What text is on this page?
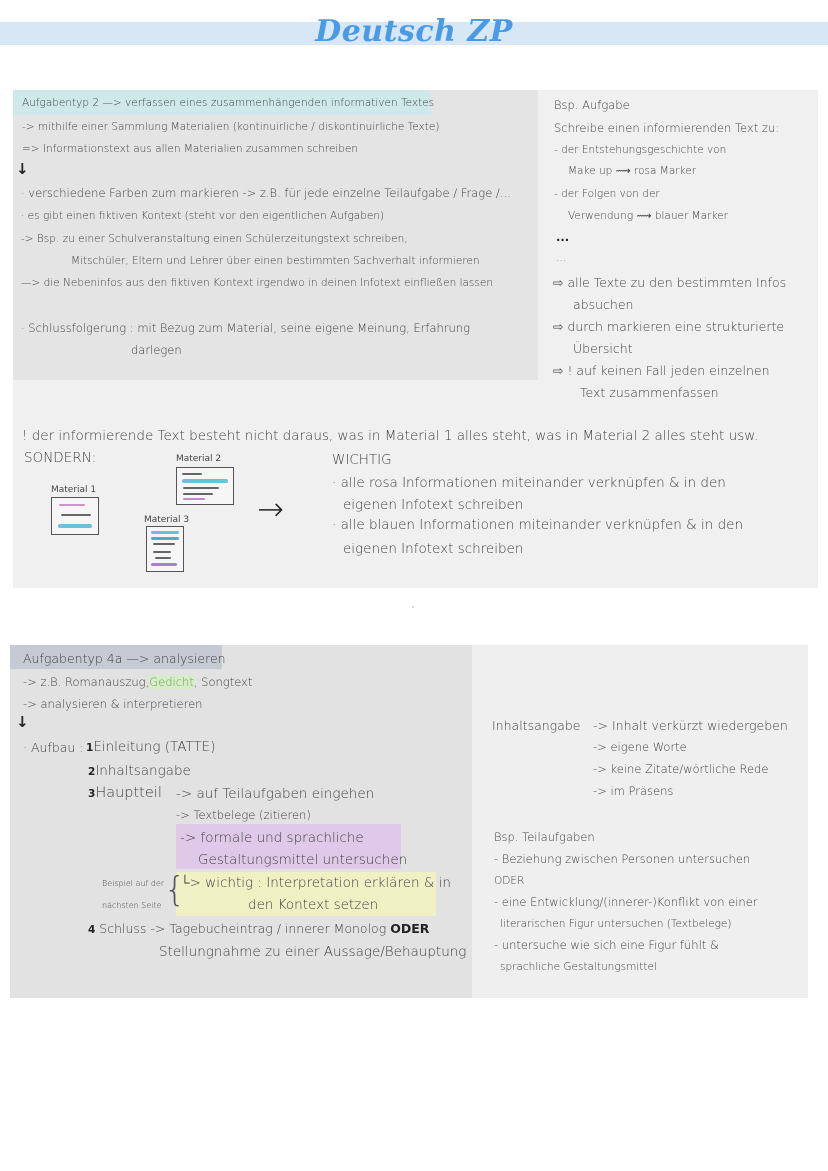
Deutsch ZP
Aufgabentyp 2 —> verfassen eines zusammenhängenden informativen Textes
-> mithilfe einer Sammlung Materialien (kontinuirliche / diskontinuirliche Texte)
=> Informationstext aus allen Materialien zusammen schreiben
↓
· verschiedene Farben zum markieren -> z.B. für jede einzelne Teilaufgabe / Frage /...
· es gibt einen fiktiven Kontext (steht vor den eigentlichen Aufgaben)
-> Bsp. zu einer Schulveranstaltung einen Schülerzeitungstext schreiben,
Mitschüler, Eltern und Lehrer über einen bestimmten Sachverhalt informieren
—> die Nebeninfos aus den fiktiven Kontext irgendwo in deinen Infotext einfließen lassen
· Schlussfolgerung : mit Bezug zum Material, seine eigene Meinung, Erfahrung
darlegen
Bsp. Aufgabe
Schreibe einen informierenden Text zu:
- der Entstehungsgeschichte von
Make up ⟿ rosa Marker
- der Folgen von der
Verwendung ⟿ blauer Marker
...
...
⇨ alle Texte zu den bestimmten Infos
absuchen
⇨ durch markieren eine strukturierte
Übersicht
⇨ ! auf keinen Fall jeden einzelnen
Text zusammenfassen
! der informierende Text besteht nicht daraus, was in Material 1 alles steht, was in Material 2 alles steht usw.
SONDERN:
Material 1
Material 2
Material 3 →
WICHTIG
· alle rosa Informationen miteinander verknüpfen & in den
eigenen Infotext schreiben
· alle blauen Informationen miteinander verknüpfen & in den
eigenen Infotext schreiben
Aufgabentyp 4a —> analysieren
-> z.B. Romanauszug,Gedicht, Songtext
-> analysieren & interpretieren
↓
· Aufbau : 1Einleitung (TATTE)
2Inhaltsangabe
3Hauptteil -> auf Teilaufgaben eingehen
-> Textbelege (zitieren)
-> formale und sprachliche
Gestaltungsmittel untersuchen
└> wichtig : Interpretation erklären & in
den Kontext setzen
Beispiel auf der
nächsten Seite {
4 Schluss -> Tagebucheintrag / innerer Monolog ODER
Stellungnahme zu einer Aussage/Behauptung
Inhaltsangabe -> Inhalt verkürzt wiedergeben
-> eigene Worte
-> keine Zitate/wörtliche Rede
-> im Präsens
Bsp. Teilaufgaben
- Beziehung zwischen Personen untersuchen
ODER
- eine Entwicklung/(innerer-)Konflikt von einer
literarischen Figur untersuchen (Textbelege)
- untersuche wie sich eine Figur fühlt &
sprachliche Gestaltungsmittel
